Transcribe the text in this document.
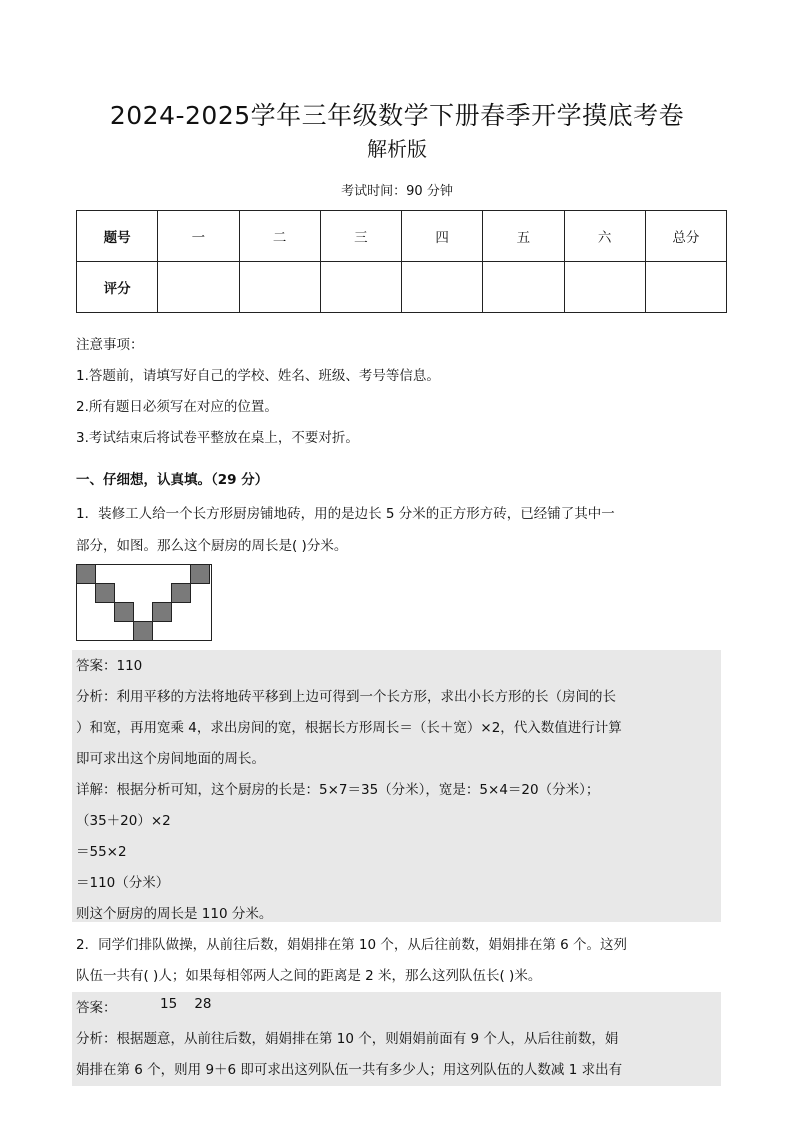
2024-2025学年三年级数学下册春季开学摸底考卷
解析版
考试时间：90 分钟
题号	一	二	三	四	五	六	总分
评分							
注意事项：
1.答题前，请填写好自己的学校、姓名、班级、考号等信息。
2.所有题日必须写在对应的位置。
3.考试结束后将试卷平整放在桌上，不要对折。
一、仔细想，认真填。（29 分）
1．装修工人给一个长方形厨房铺地砖，用的是边长 5 分米的正方形方砖，已经铺了其中一
部分，如图。那么这个厨房的周长是( )分米。
答案：110
分析：利用平移的方法将地砖平移到上边可得到一个长方形，求出小长方形的长（房间的长
）和宽，再用宽乘 4，求出房间的宽，根据长方形周长＝（长＋宽）×2，代入数值进行计算
即可求出这个房间地面的周长。
详解：根据分析可知，这个厨房的长是：5×7＝35（分米），宽是：5×4＝20（分米）；
（35＋20）×2
＝55×2
＝110（分米）
则这个厨房的周长是 110 分米。
2．同学们排队做操，从前往后数，娟娟排在第 10 个，从后往前数，娟娟排在第 6 个。这列
队伍一共有( )人；如果每相邻两人之间的距离是 2 米，那么这列队伍长( )米。
答案：	15    28
分析：根据题意，从前往后数，娟娟排在第 10 个，则娟娟前面有 9 个人，从后往前数，娟
娟排在第 6 个，则用 9＋6 即可求出这列队伍一共有多少人；用这列队伍的人数减 1 求出有
